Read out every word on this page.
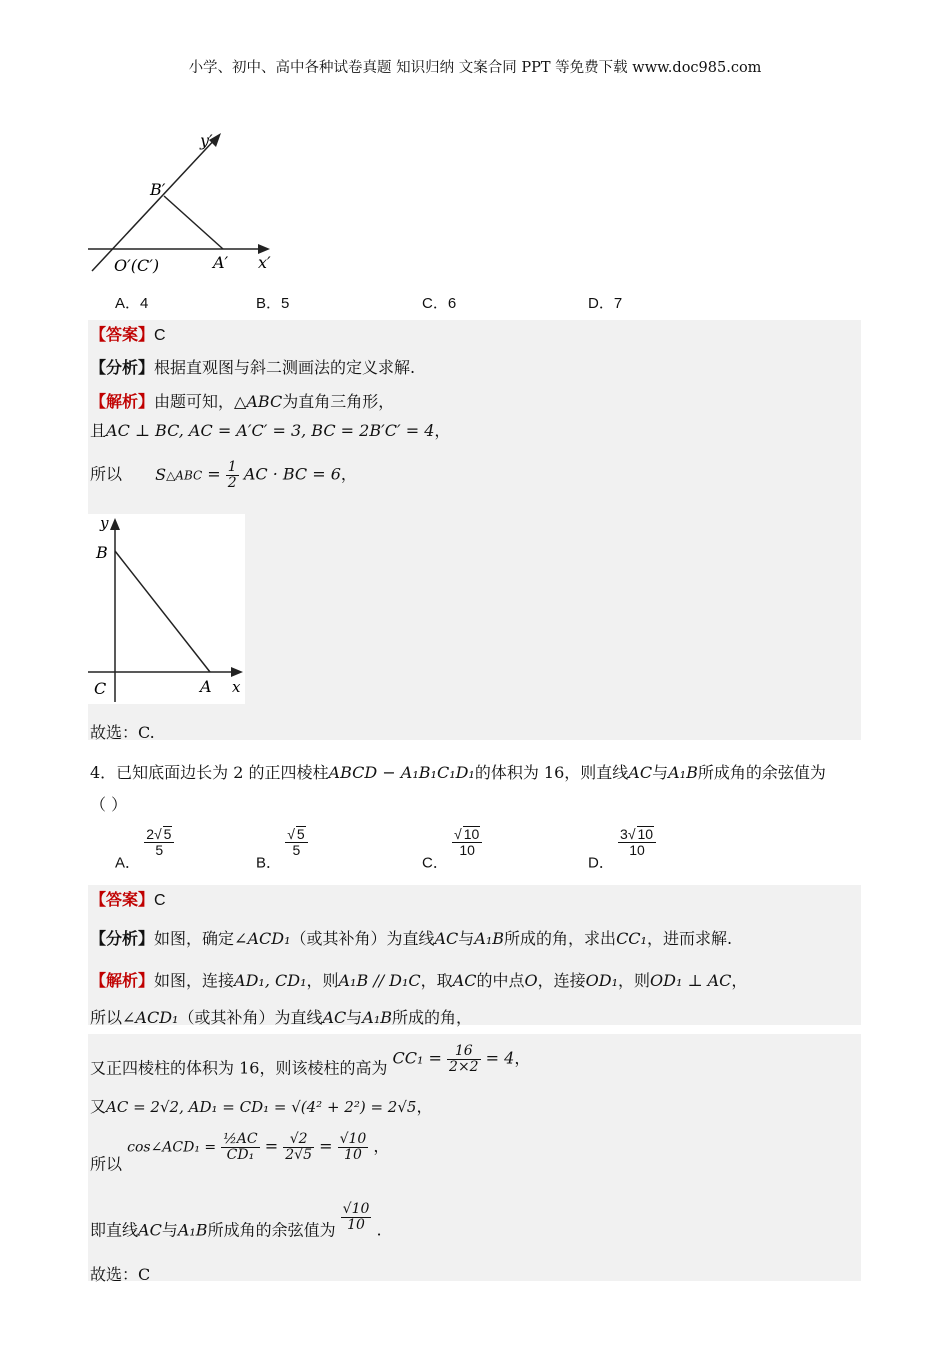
小学、初中、高中各种试卷真题 知识归纳 文案合同 PPT 等免费下载 www.doc985.com
y′
x′
B′
O′(C′)	A′
A．4	B．5	C．6	D．7
【答案】C
【分析】根据直观图与斜二测画法的定义求解.
【解析】由题可知，△ABC为直角三角形，
且AC ⊥ BC, AC = A′C′ = 3, BC = 2B′C′ = 4，
所以 S△ABC = $\frac{1}{2}$ AC · BC = 6，
y
x
B
C	A
故选：C.
4．已知底面边长为 2 的正四棱柱ABCD − A₁B₁C₁D₁的体积为 16，则直线AC与A₁B所成角的余弦值为
（ ）
A．
$\frac{2√ 5}{5}$
B．
$\frac{√ 5}{5}$
C．
$\frac{√ 10}{10}$
D．
$\frac{3√ 10}{10}$
【答案】C
【分析】如图，确定∠ACD₁（或其补角）为直线AC与A₁B所成的角，求出CC₁，进而求解.
【解析】如图，连接AD₁, CD₁，则A₁B // D₁C，取AC的中点O，连接OD₁，则OD₁ ⊥ AC，
所以∠ACD₁（或其补角）为直线AC与A₁B所成的角，
又正四棱柱的体积为 16，则该棱柱的高为 $CC_1 = \frac{16}{2\times 2} = 4$，
又AC = 2√2, AD₁ = CD₁ = √(4² + 2²) = 2√5，
所以 cos∠ACD₁ = $\frac{\text{½AC}}{\text{CD₁}} = \frac{√2}{2√5} = \frac{√10}{10}$ ，
即直线AC与A₁B所成角的余弦值为 $\frac{√10}{10}$ .
故选：C
